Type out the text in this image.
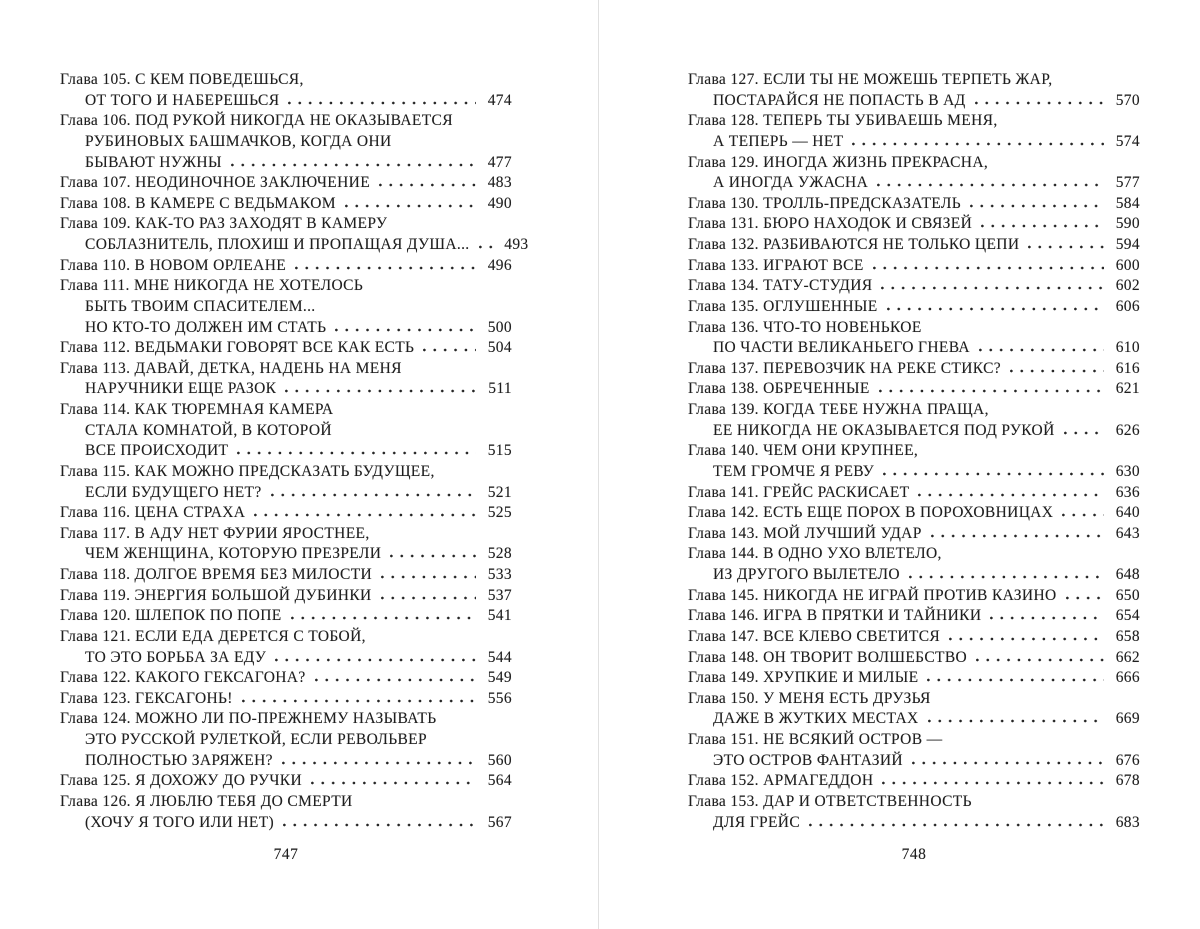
Глава 105. С КЕМ ПОВЕДЕШЬСЯ,
ОТ ТОГО И НАБЕРЕШЬСЯ	474
Глава 106. ПОД РУКОЙ НИКОГДА НЕ ОКАЗЫВАЕТСЯ
РУБИНОВЫХ БАШМАЧКОВ, КОГДА ОНИ
БЫВАЮТ НУЖНЫ	477
Глава 107. НЕОДИНОЧНОЕ ЗАКЛЮЧЕНИЕ	483
Глава 108. В КАМЕРЕ С ВЕДЬМАКОМ	490
Глава 109. КАК-ТО РАЗ ЗАХОДЯТ В КАМЕРУ
СОБЛАЗНИТЕЛЬ, ПЛОХИШ И ПРОПАЩАЯ ДУША...	493
Глава 110. В НОВОМ ОРЛЕАНЕ	496
Глава 111. МНЕ НИКОГДА НЕ ХОТЕЛОСЬ
БЫТЬ ТВОИМ СПАСИТЕЛЕМ...
НО КТО-ТО ДОЛЖЕН ИМ СТАТЬ	500
Глава 112. ВЕДЬМАКИ ГОВОРЯТ ВСЕ КАК ЕСТЬ	504
Глава 113. ДАВАЙ, ДЕТКА, НАДЕНЬ НА МЕНЯ
НАРУЧНИКИ ЕЩЕ РАЗОК	511
Глава 114. КАК ТЮРЕМНАЯ КАМЕРА
СТАЛА КОМНАТОЙ, В КОТОРОЙ
ВСЕ ПРОИСХОДИТ	515
Глава 115. КАК МОЖНО ПРЕДСКАЗАТЬ БУДУЩЕЕ,
ЕСЛИ БУДУЩЕГО НЕТ?	521
Глава 116. ЦЕНА СТРАХА	525
Глава 117. В АДУ НЕТ ФУРИИ ЯРОСТНЕЕ,
ЧЕМ ЖЕНЩИНА, КОТОРУЮ ПРЕЗРЕЛИ	528
Глава 118. ДОЛГОЕ ВРЕМЯ БЕЗ МИЛОСТИ	533
Глава 119. ЭНЕРГИЯ БОЛЬШОЙ ДУБИНКИ	537
Глава 120. ШЛЕПОК ПО ПОПЕ	541
Глава 121. ЕСЛИ ЕДА ДЕРЕТСЯ С ТОБОЙ,
ТО ЭТО БОРЬБА ЗА ЕДУ	544
Глава 122. КАКОГО ГЕКСАГОНА?	549
Глава 123. ГЕКСАГОНЬ!	556
Глава 124. МОЖНО ЛИ ПО-ПРЕЖНЕМУ НАЗЫВАТЬ
ЭТО РУССКОЙ РУЛЕТКОЙ, ЕСЛИ РЕВОЛЬВЕР
ПОЛНОСТЬЮ ЗАРЯЖЕН?	560
Глава 125. Я ДОХОЖУ ДО РУЧКИ	564
Глава 126. Я ЛЮБЛЮ ТЕБЯ ДО СМЕРТИ
(ХОЧУ Я ТОГО ИЛИ НЕТ)	567
747
Глава 127. ЕСЛИ ТЫ НЕ МОЖЕШЬ ТЕРПЕТЬ ЖАР,
ПОСТАРАЙСЯ НЕ ПОПАСТЬ В АД	570
Глава 128. ТЕПЕРЬ ТЫ УБИВАЕШЬ МЕНЯ,
А ТЕПЕРЬ — НЕТ	574
Глава 129. ИНОГДА ЖИЗНЬ ПРЕКРАСНА,
А ИНОГДА УЖАСНА	577
Глава 130. ТРОЛЛЬ-ПРЕДСКАЗАТЕЛЬ	584
Глава 131. БЮРО НАХОДОК И СВЯЗЕЙ	590
Глава 132. РАЗБИВАЮТСЯ НЕ ТОЛЬКО ЦЕПИ	594
Глава 133. ИГРАЮТ ВСЕ	600
Глава 134. ТАТУ-СТУДИЯ	602
Глава 135. ОГЛУШЕННЫЕ	606
Глава 136. ЧТО-ТО НОВЕНЬКОЕ
ПО ЧАСТИ ВЕЛИКАНЬЕГО ГНЕВА	610
Глава 137. ПЕРЕВОЗЧИК НА РЕКЕ СТИКС?	616
Глава 138. ОБРЕЧЕННЫЕ	621
Глава 139. КОГДА ТЕБЕ НУЖНА ПРАЩА,
ЕЕ НИКОГДА НЕ ОКАЗЫВАЕТСЯ ПОД РУКОЙ	626
Глава 140. ЧЕМ ОНИ КРУПНЕЕ,
ТЕМ ГРОМЧЕ Я РЕВУ	630
Глава 141. ГРЕЙС РАСКИСАЕТ	636
Глава 142. ЕСТЬ ЕЩЕ ПОРОХ В ПОРОХОВНИЦАХ	640
Глава 143. МОЙ ЛУЧШИЙ УДАР	643
Глава 144. В ОДНО УХО ВЛЕТЕЛО,
ИЗ ДРУГОГО ВЫЛЕТЕЛО	648
Глава 145. НИКОГДА НЕ ИГРАЙ ПРОТИВ КАЗИНО	650
Глава 146. ИГРА В ПРЯТКИ И ТАЙНИКИ	654
Глава 147. ВСЕ КЛЕВО СВЕТИТСЯ	658
Глава 148. ОН ТВОРИТ ВОЛШЕБСТВО	662
Глава 149. ХРУПКИЕ И МИЛЫЕ	666
Глава 150. У МЕНЯ ЕСТЬ ДРУЗЬЯ
ДАЖЕ В ЖУТКИХ МЕСТАХ	669
Глава 151. НЕ ВСЯКИЙ ОСТРОВ —
ЭТО ОСТРОВ ФАНТАЗИЙ	676
Глава 152. АРМАГЕДДОН	678
Глава 153. ДАР И ОТВЕТСТВЕННОСТЬ
ДЛЯ ГРЕЙС	683
748
